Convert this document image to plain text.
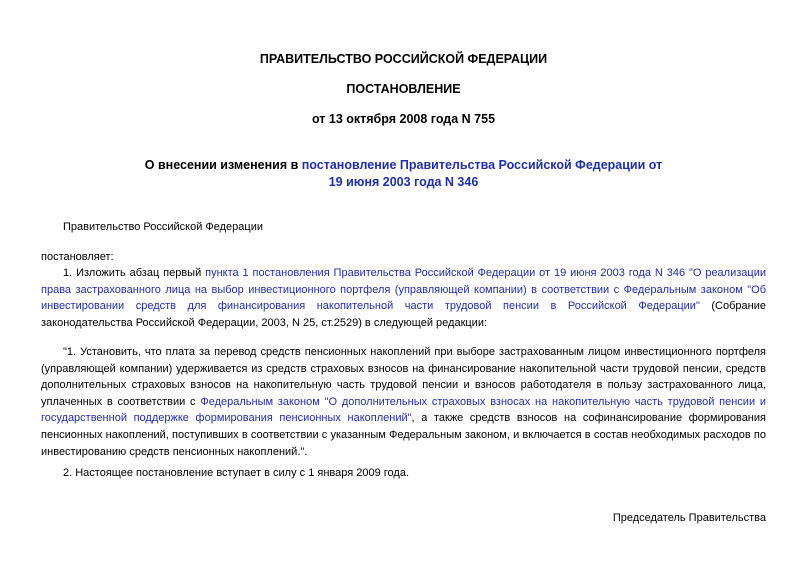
ПРАВИТЕЛЬСТВО РОССИЙСКОЙ ФЕДЕРАЦИИ
ПОСТАНОВЛЕНИЕ
от 13 октября 2008 года N 755
О внесении изменения в постановление Правительства Российской Федерации от 19 июня 2003 года N 346

Правительство Российской Федерации

постановляет:

1. Изложить абзац первый пункта 1 постановления Правительства Российской Федерации от 19 июня 2003 года N 346 "О реализации права застрахованного лица на выбор инвестиционного портфеля (управляющей компании) в соответствии с Федеральным законом "Об инвестировании средств для финансирования накопительной части трудовой пенсии в Российской Федерации" (Собрание законодательства Российской Федерации, 2003, N 25, ст.2529) в следующей редакции:

"1. Установить, что плата за перевод средств пенсионных накоплений при выборе застрахованным лицом инвестиционного портфеля (управляющей компании) удерживается из средств страховых взносов на финансирование накопительной части трудовой пенсии, средств дополнительных страховых взносов на накопительную часть трудовой пенсии и взносов работодателя в пользу застрахованного лица, уплаченных в соответствии с Федеральным законом "О дополнительных страховых взносах на накопительную часть трудовой пенсии и государственной поддержке формирования пенсионных накоплений", а также средств взносов на софинансирование формирования пенсионных накоплений, поступивших в соответствии с указанным Федеральным законом, и включается в состав необходимых расходов по инвестированию средств пенсионных накоплений.".

2. Настоящее постановление вступает в силу с 1 января 2009 года.

Председатель Правительства
